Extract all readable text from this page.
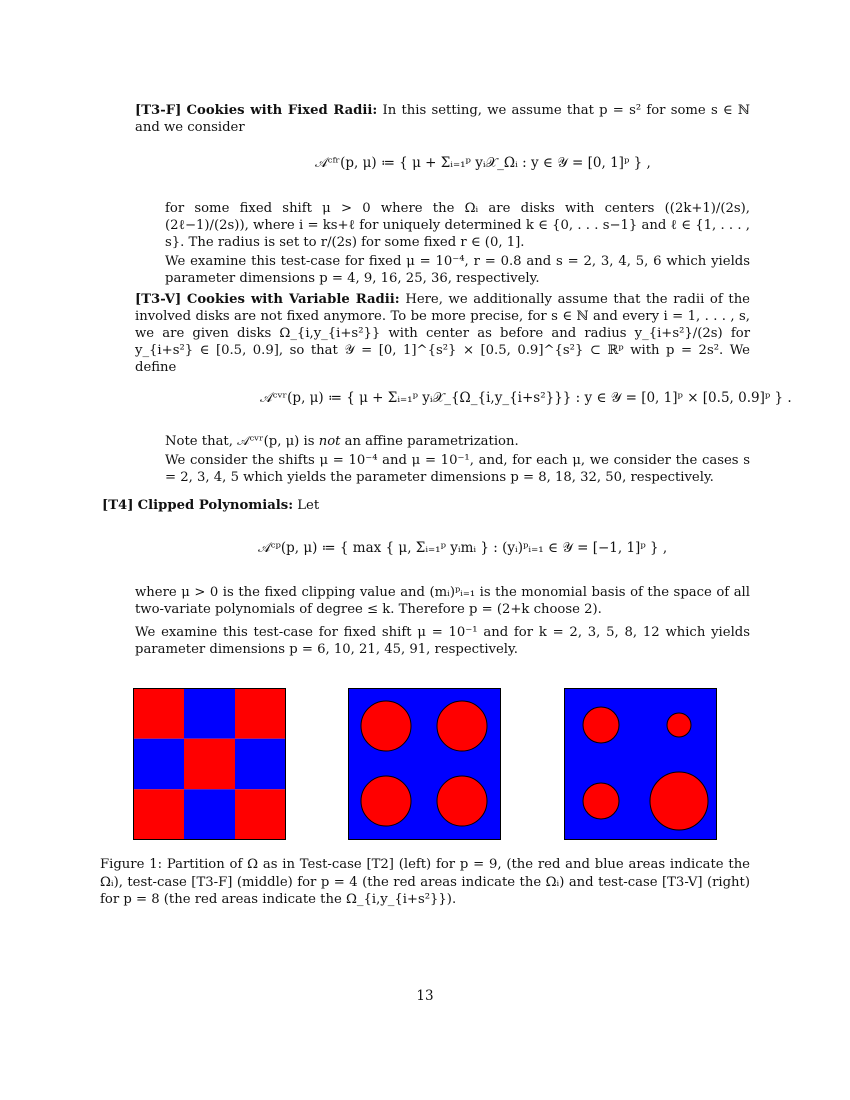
[T3-F] Cookies with Fixed Radii: In this setting, we assume that p = s² for some s ∈ ℕ and we consider
𝒜ᶜᶠʳ(p, μ) ≔ { μ + Σᵢ₌₁ᵖ yᵢ𝒳_Ωᵢ : y ∈ 𝒴 = [0, 1]ᵖ } ,
for some fixed shift μ > 0 where the Ωᵢ are disks with centers ((2k+1)/(2s), (2ℓ−1)/(2s)), where i = ks+ℓ for uniquely determined k ∈ {0, . . . s−1} and ℓ ∈ {1, . . . , s}. The radius is set to r/(2s) for some fixed r ∈ (0, 1].
We examine this test-case for fixed μ = 10⁻⁴, r = 0.8 and s = 2, 3, 4, 5, 6 which yields parameter dimensions p = 4, 9, 16, 25, 36, respectively.
[T3-V] Cookies with Variable Radii: Here, we additionally assume that the radii of the involved disks are not fixed anymore. To be more precise, for s ∈ ℕ and every i = 1, . . . , s, we are given disks Ω_{i,y_{i+s²}} with center as before and radius y_{i+s²}/(2s) for y_{i+s²} ∈ [0.5, 0.9], so that 𝒴 = [0, 1]^{s²} × [0.5, 0.9]^{s²} ⊂ ℝᵖ with p = 2s². We define
𝒜ᶜᵛʳ(p, μ) ≔ { μ + Σᵢ₌₁ᵖ yᵢ𝒳_{Ω_{i,y_{i+s²}}} : y ∈ 𝒴 = [0, 1]ᵖ × [0.5, 0.9]ᵖ } .
Note that, 𝒜ᶜᵛʳ(p, μ) is not an affine parametrization.
We consider the shifts μ = 10⁻⁴ and μ = 10⁻¹, and, for each μ, we consider the cases s = 2, 3, 4, 5 which yields the parameter dimensions p = 8, 18, 32, 50, respectively.
[T4] Clipped Polynomials: Let
𝒜ᶜᵖ(p, μ) ≔ { max { μ, Σᵢ₌₁ᵖ yᵢmᵢ } : (yᵢ)ᵖᵢ₌₁ ∈ 𝒴 = [−1, 1]ᵖ } ,
where μ > 0 is the fixed clipping value and (mᵢ)ᵖᵢ₌₁ is the monomial basis of the space of all two-variate polynomials of degree ≤ k. Therefore p = (2+k choose 2).
We examine this test-case for fixed shift μ = 10⁻¹ and for k = 2, 3, 5, 8, 12 which yields parameter dimensions p = 6, 10, 21, 45, 91, respectively.
Figure 1: Partition of Ω as in Test-case [T2] (left) for p = 9, (the red and blue areas indicate the Ωᵢ), test-case [T3-F] (middle) for p = 4 (the red areas indicate the Ωᵢ) and test-case [T3-V] (right) for p = 8 (the red areas indicate the Ω_{i,y_{i+s²}}).
13
